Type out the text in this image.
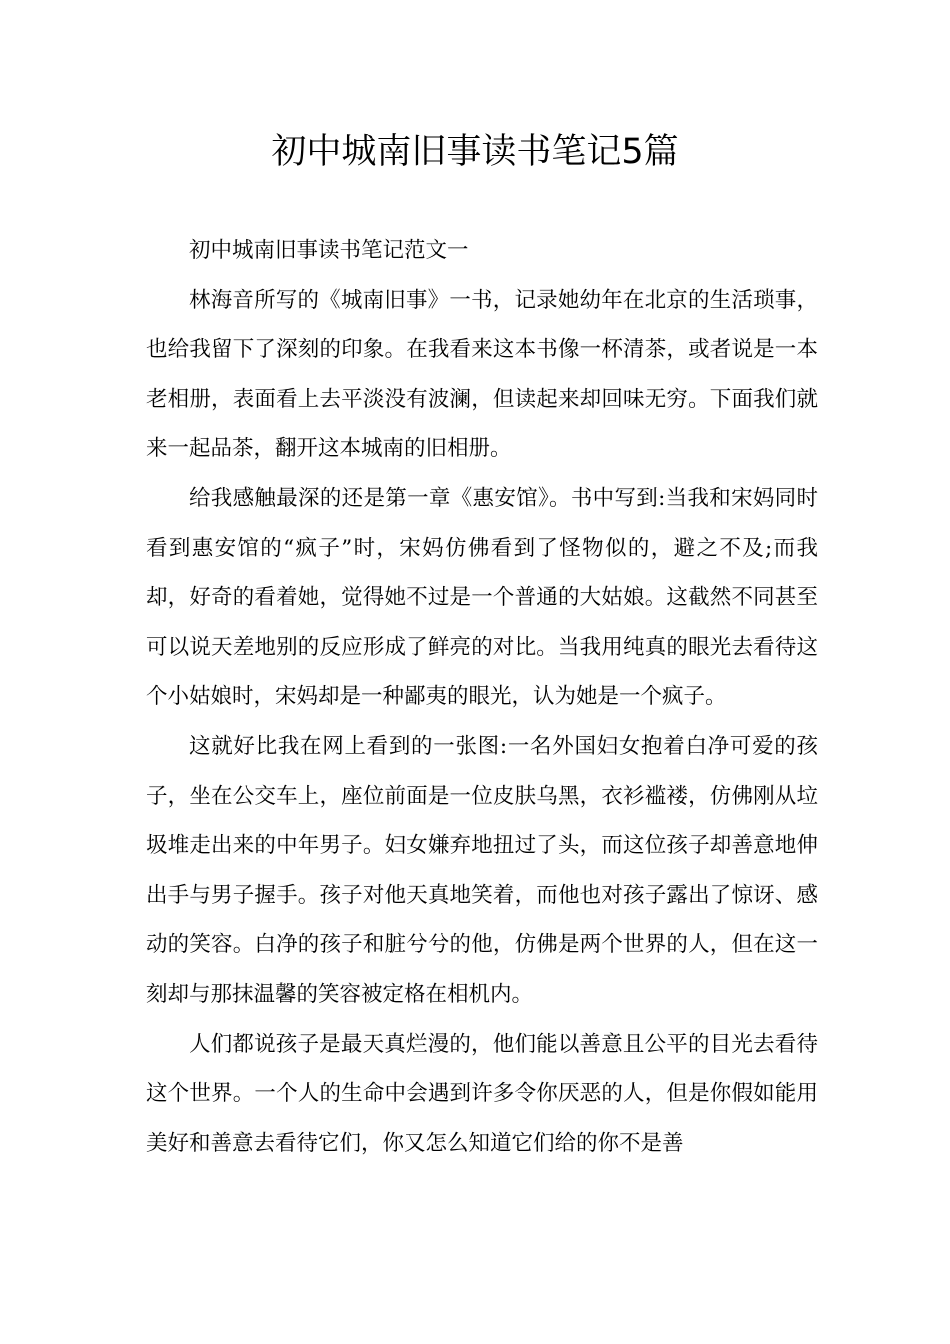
初中城南旧事读书笔记5篇

初中城南旧事读书笔记范文一

林海音所写的《城南旧事》一书，记录她幼年在北京的生活琐事，也给我留下了深刻的印象。在我看来这本书像一杯清茶，或者说是一本老相册，表面看上去平淡没有波澜，但读起来却回味无穷。下面我们就来一起品茶，翻开这本城南的旧相册。

给我感触最深的还是第一章《惠安馆》。书中写到:当我和宋妈同时看到惠安馆的“疯子”时，宋妈仿佛看到了怪物似的，避之不及;而我却，好奇的看着她，觉得她不过是一个普通的大姑娘。这截然不同甚至可以说天差地别的反应形成了鲜亮的对比。当我用纯真的眼光去看待这个小姑娘时，宋妈却是一种鄙夷的眼光，认为她是一个疯子。

这就好比我在网上看到的一张图:一名外国妇女抱着白净可爱的孩子，坐在公交车上，座位前面是一位皮肤乌黑，衣衫褴褛，仿佛刚从垃圾堆走出来的中年男子。妇女嫌弃地扭过了头，而这位孩子却善意地伸出手与男子握手。孩子对他天真地笑着，而他也对孩子露出了惊讶、感动的笑容。白净的孩子和脏兮兮的他，仿佛是两个世界的人，但在这一刻却与那抹温馨的笑容被定格在相机内。

人们都说孩子是最天真烂漫的，他们能以善意且公平的目光去看待这个世界。一个人的生命中会遇到许多令你厌恶的人，但是你假如能用美好和善意去看待它们，你又怎么知道它们给的你不是善
